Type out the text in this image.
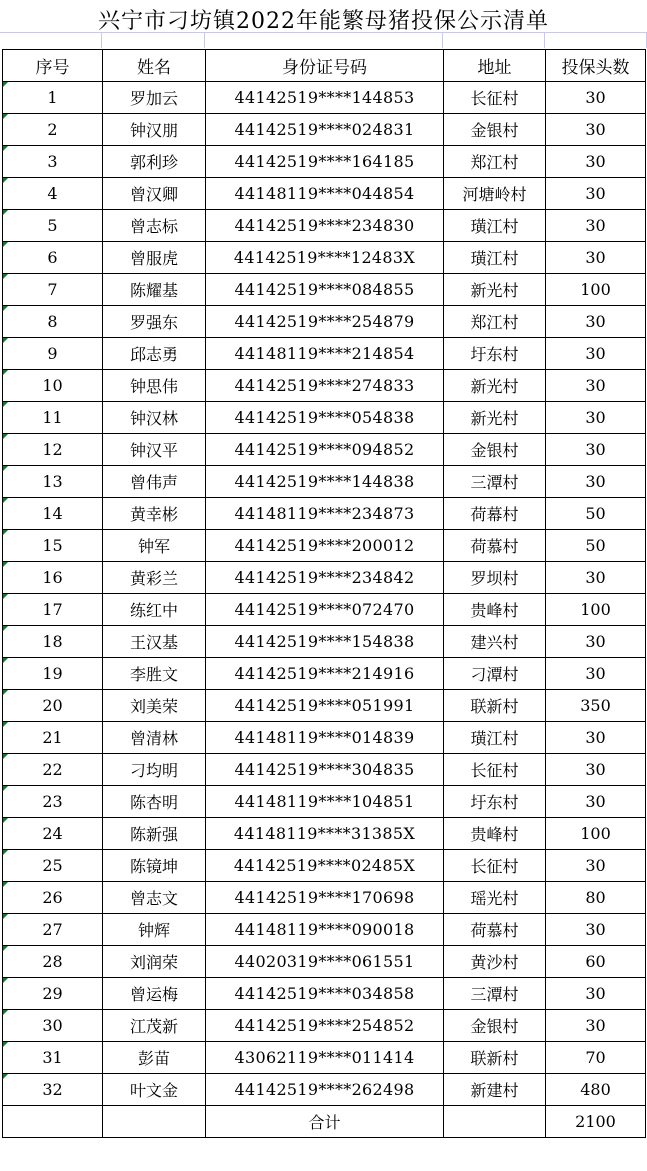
兴宁市刁坊镇2022年能繁母猪投保公示清单
序号	姓名	身份证号码	地址	投保头数
1	罗加云	44142519****144853	长征村	30
2	钟汉朋	44142519****024831	金银村	30
3	郭利珍	44142519****164185	郑江村	30
4	曾汉卿	44148119****044854	河塘岭村	30
5	曾志标	44142519****234830	璜江村	30
6	曾服虎	44142519****12483X	璜江村	30
7	陈耀基	44142519****084855	新光村	100
8	罗强东	44142519****254879	郑江村	30
9	邱志勇	44148119****214854	圩东村	30
10	钟思伟	44142519****274833	新光村	30
11	钟汉林	44142519****054838	新光村	30
12	钟汉平	44142519****094852	金银村	30
13	曾伟声	44142519****144838	三潭村	30
14	黄幸彬	44148119****234873	荷幕村	50
15	钟军	44142519****200012	荷慕村	50
16	黄彩兰	44142519****234842	罗坝村	30
17	练红中	44142519****072470	贵峰村	100
18	王汉基	44142519****154838	建兴村	30
19	李胜文	44142519****214916	刁潭村	30
20	刘美荣	44142519****051991	联新村	350
21	曾清林	44148119****014839	璜江村	30
22	刁均明	44142519****304835	长征村	30
23	陈杏明	44148119****104851	圩东村	30
24	陈新强	44148119****31385X	贵峰村	100
25	陈镜坤	44142519****02485X	长征村	30
26	曾志文	44142519****170698	瑶光村	80
27	钟辉	44148119****090018	荷慕村	30
28	刘润荣	44020319****061551	黄沙村	60
29	曾运梅	44142519****034858	三潭村	30
30	江茂新	44142519****254852	金银村	30
31	彭苗	43062119****011414	联新村	70
32	叶文金	44142519****262498	新建村	480
		合计		2100
